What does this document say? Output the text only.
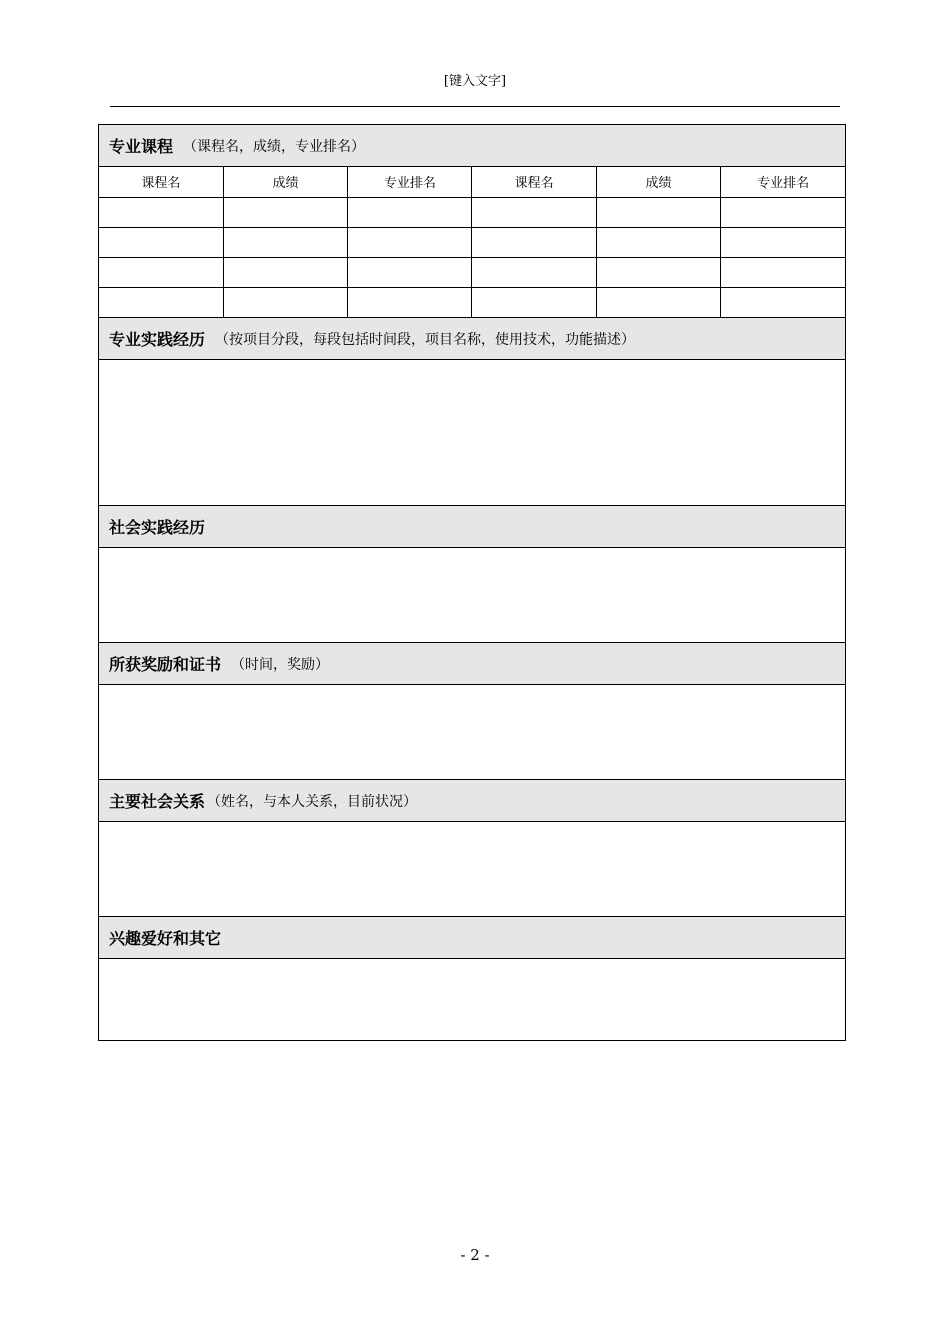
[键入文字]
专业课程 （课程名，成绩，专业排名）
课程名	成绩	专业排名	课程名	成绩	专业排名

专业实践经历 （按项目分段，每段包括时间段，项目名称，使用技术，功能描述）
社会实践经历
所获奖励和证书 （时间，奖励）
主要社会关系 （姓名，与本人关系，目前状况）
兴趣爱好和其它
- 2 -
